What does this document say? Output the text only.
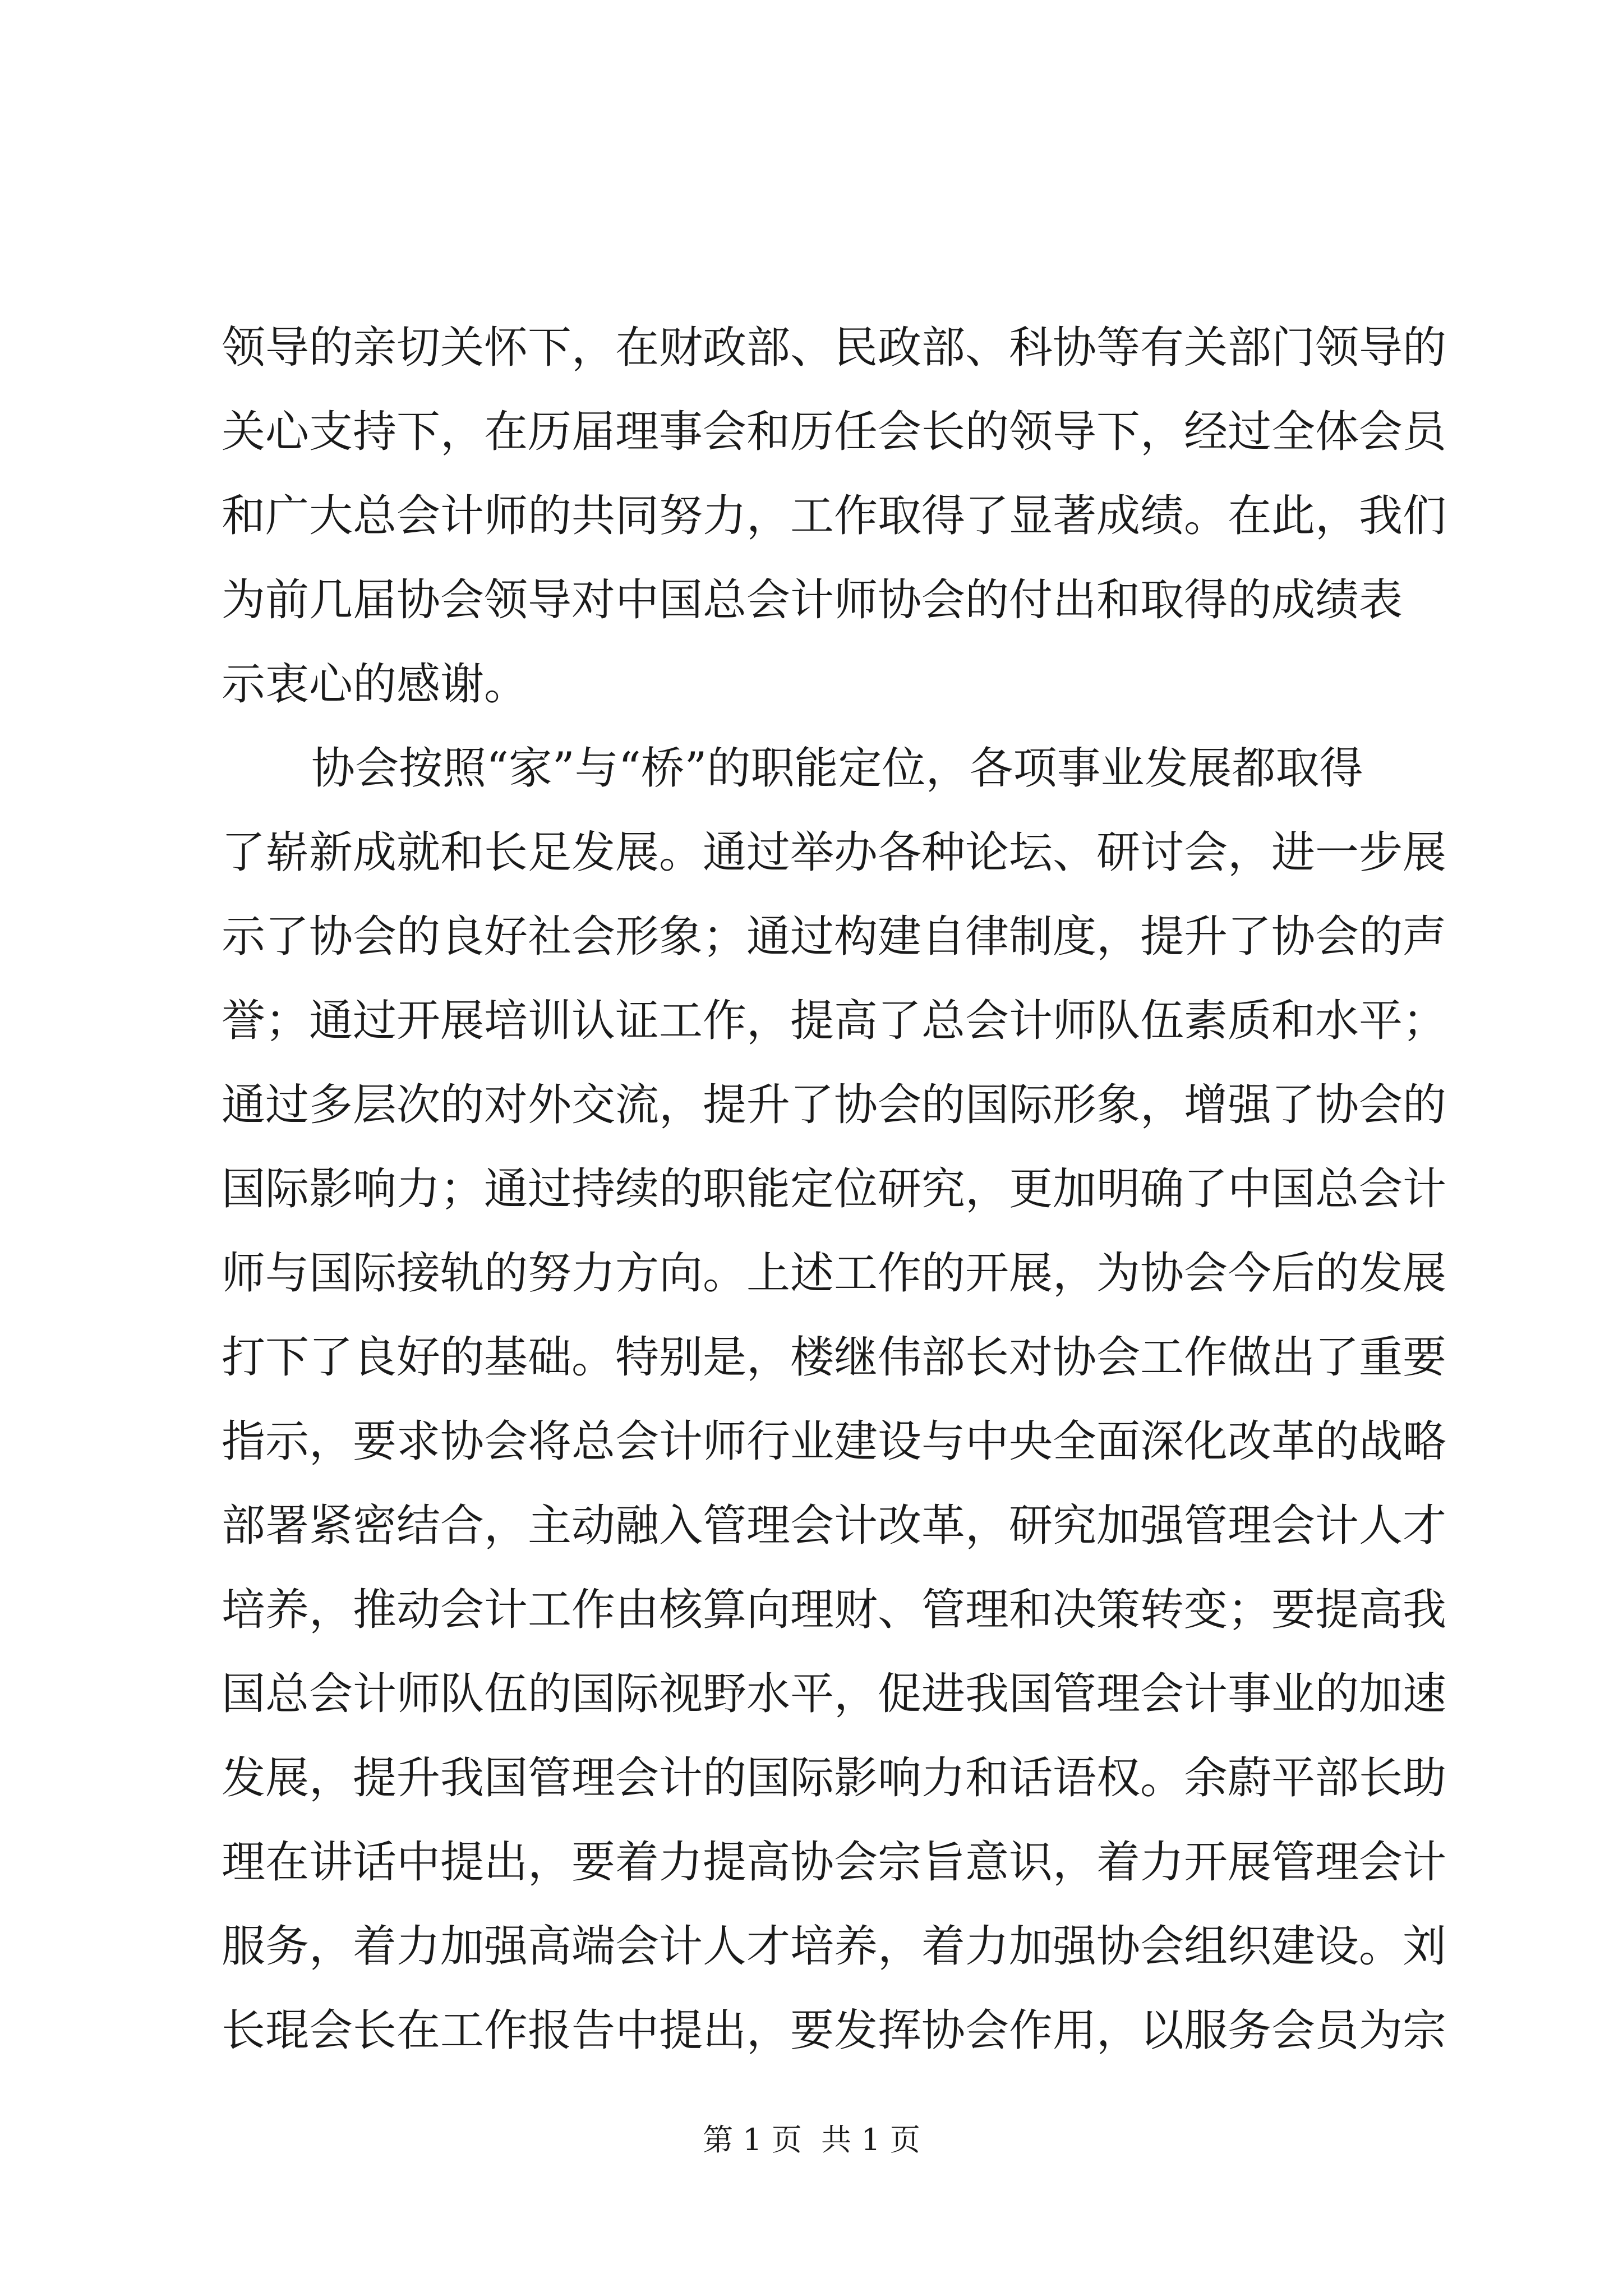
领导的亲切关怀下，在财政部、民政部、科协等有关部门领导的
关心支持下，在历届理事会和历任会长的领导下，经过全体会员
和广大总会计师的共同努力，工作取得了显著成绩。在此，我们
为前几届协会领导对中国总会计师协会的付出和取得的成绩表
示衷心的感谢。
协会按照“家”与“桥”的职能定位，各项事业发展都取得
了崭新成就和长足发展。通过举办各种论坛、研讨会，进一步展
示了协会的良好社会形象；通过构建自律制度，提升了协会的声
誉；通过开展培训认证工作，提高了总会计师队伍素质和水平；
通过多层次的对外交流，提升了协会的国际形象，增强了协会的
国际影响力；通过持续的职能定位研究，更加明确了中国总会计
师与国际接轨的努力方向。上述工作的开展，为协会今后的发展
打下了良好的基础。特别是，楼继伟部长对协会工作做出了重要
指示，要求协会将总会计师行业建设与中央全面深化改革的战略
部署紧密结合，主动融入管理会计改革，研究加强管理会计人才
培养，推动会计工作由核算向理财、管理和决策转变；要提高我
国总会计师队伍的国际视野水平，促进我国管理会计事业的加速
发展，提升我国管理会计的国际影响力和话语权。余蔚平部长助
理在讲话中提出，要着力提高协会宗旨意识，着力开展管理会计
服务，着力加强高端会计人才培养，着力加强协会组织建设。刘
长琨会长在工作报告中提出，要发挥协会作用，以服务会员为宗
第 1 页  共 1 页
